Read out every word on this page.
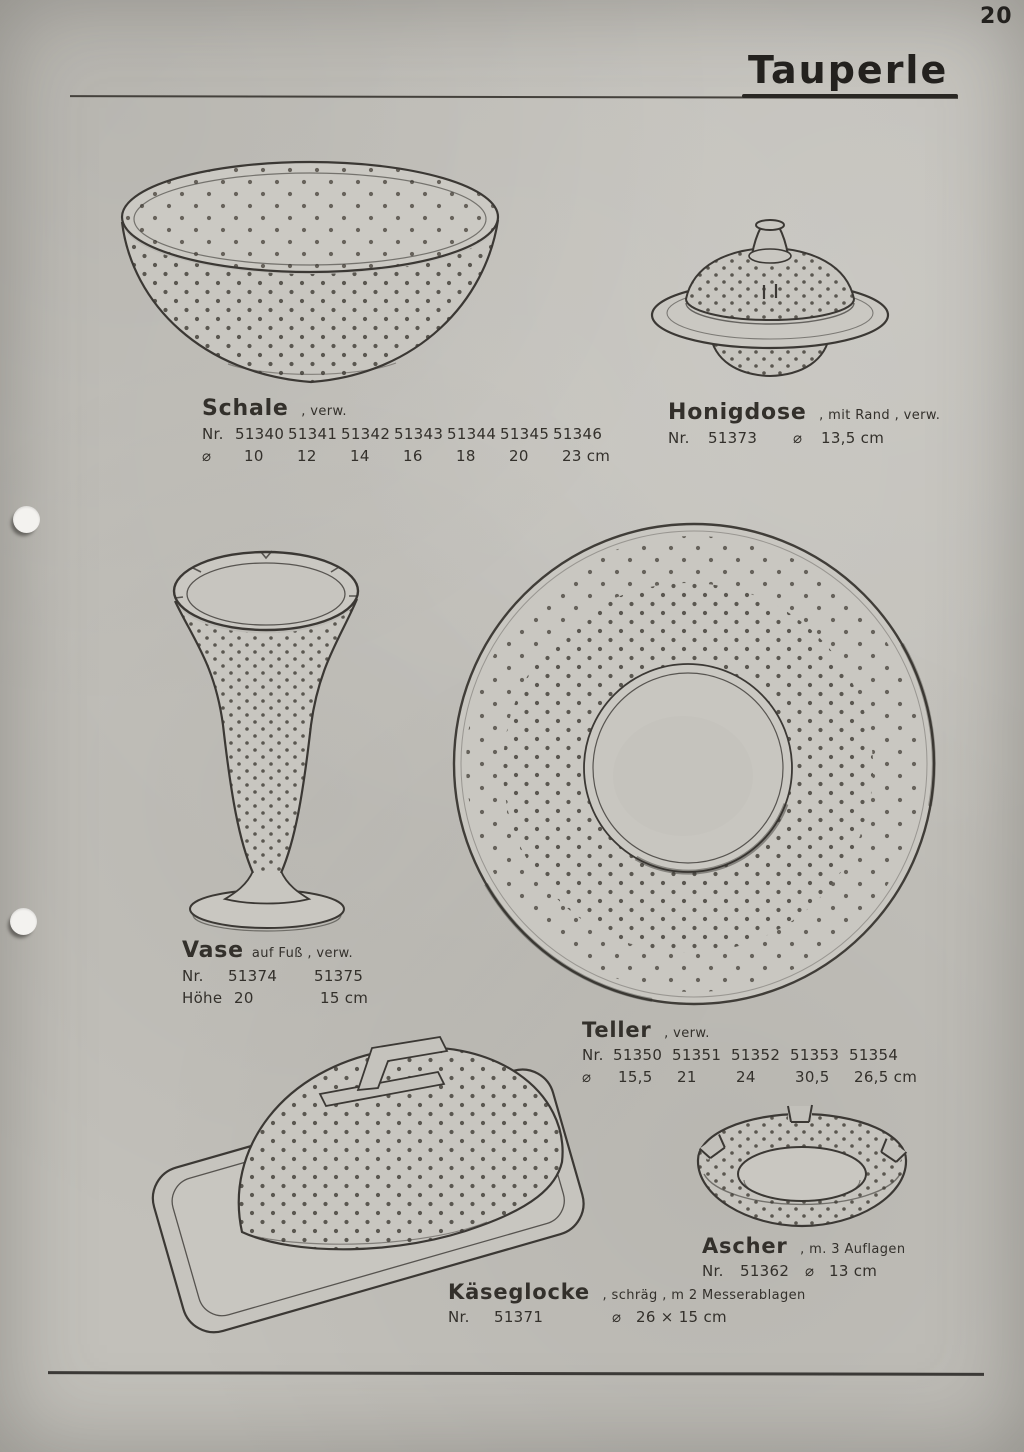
20
Tauperle
Schale , verw.
Nr. 51340 51341 51342 51343 51344 51345 51346
⌀	10	12	14	16	18	20	23 cm
Honigdose , mit Rand , verw.
Nr.	51373	⌀	13,5 cm
Vase auf Fuß , verw.
Nr.	51374	51375
Höhe 20	15 cm
Teller , verw.
Nr. 51350 51351 51352 51353 51354
⌀	15,5	21	24	30,5	26,5 cm
Käseglocke , schräg , m 2 Messerablagen
Nr.	51371	⌀ 26 × 15 cm
Ascher , m. 3 Auflagen
Nr.	51362	⌀ 13 cm
